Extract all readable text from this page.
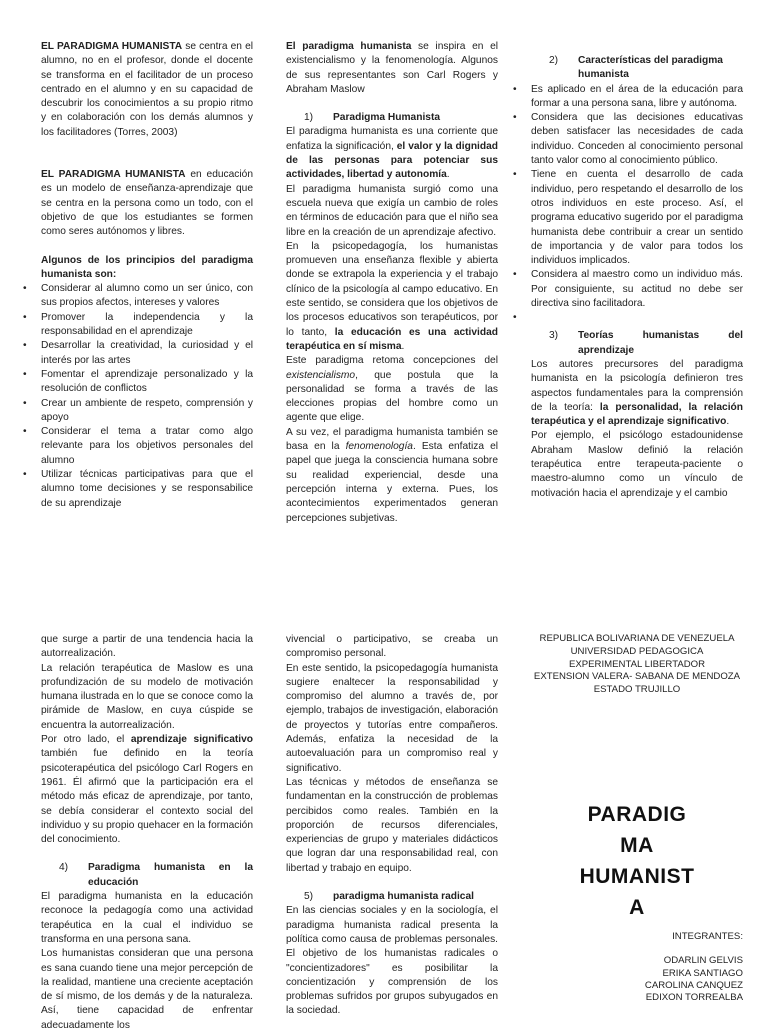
EL PARADIGMA HUMANISTA se centra en el alumno, no en el profesor, donde el docente se transforma en el facilitador de un proceso centrado en el alumno y en su capacidad de descubrir los conocimientos a su propio ritmo y en colaboración con los demás alumnos y los facilitadores (Torres, 2003)

EL PARADIGMA HUMANISTA en educación es un modelo de enseñanza-aprendizaje que se centra en la persona como un todo, con el objetivo de que los estudiantes se formen como seres autónomos y libres.

Algunos de los principios del paradigma humanista son:

• Considerar al alumno como un ser único, con sus propios afectos, intereses y valores
• Promover la independencia y la responsabilidad en el aprendizaje
• Desarrollar la creatividad, la curiosidad y el interés por las artes
• Fomentar el aprendizaje personalizado y la resolución de conflictos
• Crear un ambiente de respeto, comprensión y apoyo
• Considerar el tema a tratar como algo relevante para los objetivos personales del alumno
• Utilizar técnicas participativas para que el alumno tome decisiones y se responsabilice de su aprendizaje

El paradigma humanista se inspira en el existencialismo y la fenomenología. Algunos de sus representantes son Carl Rogers y Abraham Maslow

1)	Paradigma Humanista

El paradigma humanista es una corriente que enfatiza la significación, el valor y la dignidad de las personas para potenciar sus actividades, libertad y autonomía.

El paradigma humanista surgió como una escuela nueva que exigía un cambio de roles en términos de educación para que el niño sea libre en la creación de un aprendizaje afectivo.

En la psicopedagogía, los humanistas promueven una enseñanza flexible y abierta donde se extrapola la experiencia y el trabajo clínico de la psicología al campo educativo. En este sentido, se considera que los objetivos de los procesos educativos son terapéuticos, por lo tanto, la educación es una actividad terapéutica en sí misma.

Este paradigma retoma concepciones del existencialismo, que postula que la personalidad se forma a través de las elecciones propias del hombre como un agente que elige.

A su vez, el paradigma humanista también se basa en la fenomenología. Esta enfatiza el papel que juega la consciencia humana sobre su realidad experiencial, desde una percepción interna y externa. Pues, los acontecimientos experimentados generan percepciones subjetivas.

2)	Características del paradigma humanista
• Es aplicado en el área de la educación para formar a una persona sana, libre y autónoma.
• Considera que las decisiones educativas deben satisfacer las necesidades de cada individuo. Conceden al conocimiento personal tanto valor como al conocimiento público.
• Tiene en cuenta el desarrollo de cada individuo, pero respetando el desarrollo de los otros individuos en este proceso. Así, el programa educativo sugerido por el paradigma humanista debe contribuir a crear un sentido de importancia y de valor para todos los individuos implicados.
• Considera al maestro como un individuo más. Por consiguiente, su actitud no debe ser directiva sino facilitadora.
•
3)	Teorías humanistas del aprendizaje

Los autores precursores del paradigma humanista en la psicología definieron tres aspectos fundamentales para la comprensión de la teoría: la personalidad, la relación terapéutica y el aprendizaje significativo.

Por ejemplo, el psicólogo estadounidense Abraham Maslow definió la relación terapéutica entre terapeuta-paciente o maestro-alumno como un vínculo de motivación hacia el aprendizaje y el cambio

que surge a partir de una tendencia hacia la autorrealización.

La relación terapéutica de Maslow es una profundización de su modelo de motivación humana ilustrada en lo que se conoce como la pirámide de Maslow, en cuya cúspide se encuentra la autorrealización.

Por otro lado, el aprendizaje significativo también fue definido en la teoría psicoterapéutica del psicólogo Carl Rogers en 1961. Él afirmó que la participación era el método más eficaz de aprendizaje, por tanto, se debía considerar el contexto social del individuo y su propio quehacer en la formación del conocimiento.

4)	Paradigma humanista en la educación

El paradigma humanista en la educación reconoce la pedagogía como una actividad terapéutica en la cual el individuo se transforma en una persona sana.

Los humanistas consideran que una persona es sana cuando tiene una mejor percepción de la realidad, mantiene una creciente aceptación de sí mismo, de los demás y de la naturaleza. Así, tiene capacidad de enfrentar adecuadamente los

vivencial o participativo, se creaba un compromiso personal.

En este sentido, la psicopedagogía humanista sugiere enaltecer la responsabilidad y compromiso del alumno a través de, por ejemplo, trabajos de investigación, elaboración de proyectos y tutorías entre compañeros. Además, enfatiza la necesidad de la autoevaluación para un compromiso real y significativo.

Las técnicas y métodos de enseñanza se fundamentan en la construcción de problemas percibidos como reales. También en la proporción de recursos diferenciales, experiencias de grupo y materiales didácticos que logran dar una responsabilidad real, con libertad y trabajo en equipo.

5)	paradigma humanista radical

En las ciencias sociales y en la sociología, el paradigma humanista radical presenta la política como causa de problemas personales. El objetivo de los humanistas radicales o "concientizadores" es posibilitar la concientización y comprensión de los problemas sufridos por grupos subyugados en la sociedad.

REPUBLICA BOLIVARIANA DE VENEZUELA
UNIVERSIDAD PEDAGOGICA
EXPERIMENTAL LIBERTADOR
EXTENSION VALERA- SABANA DE MENDOZA
ESTADO TRUJILLO
PARADIG
MA
HUMANIST
A
INTEGRANTES:
ODARLIN GELVIS
ERIKA SANTIAGO
CAROLINA CANQUEZ
EDIXON TORREALBA
